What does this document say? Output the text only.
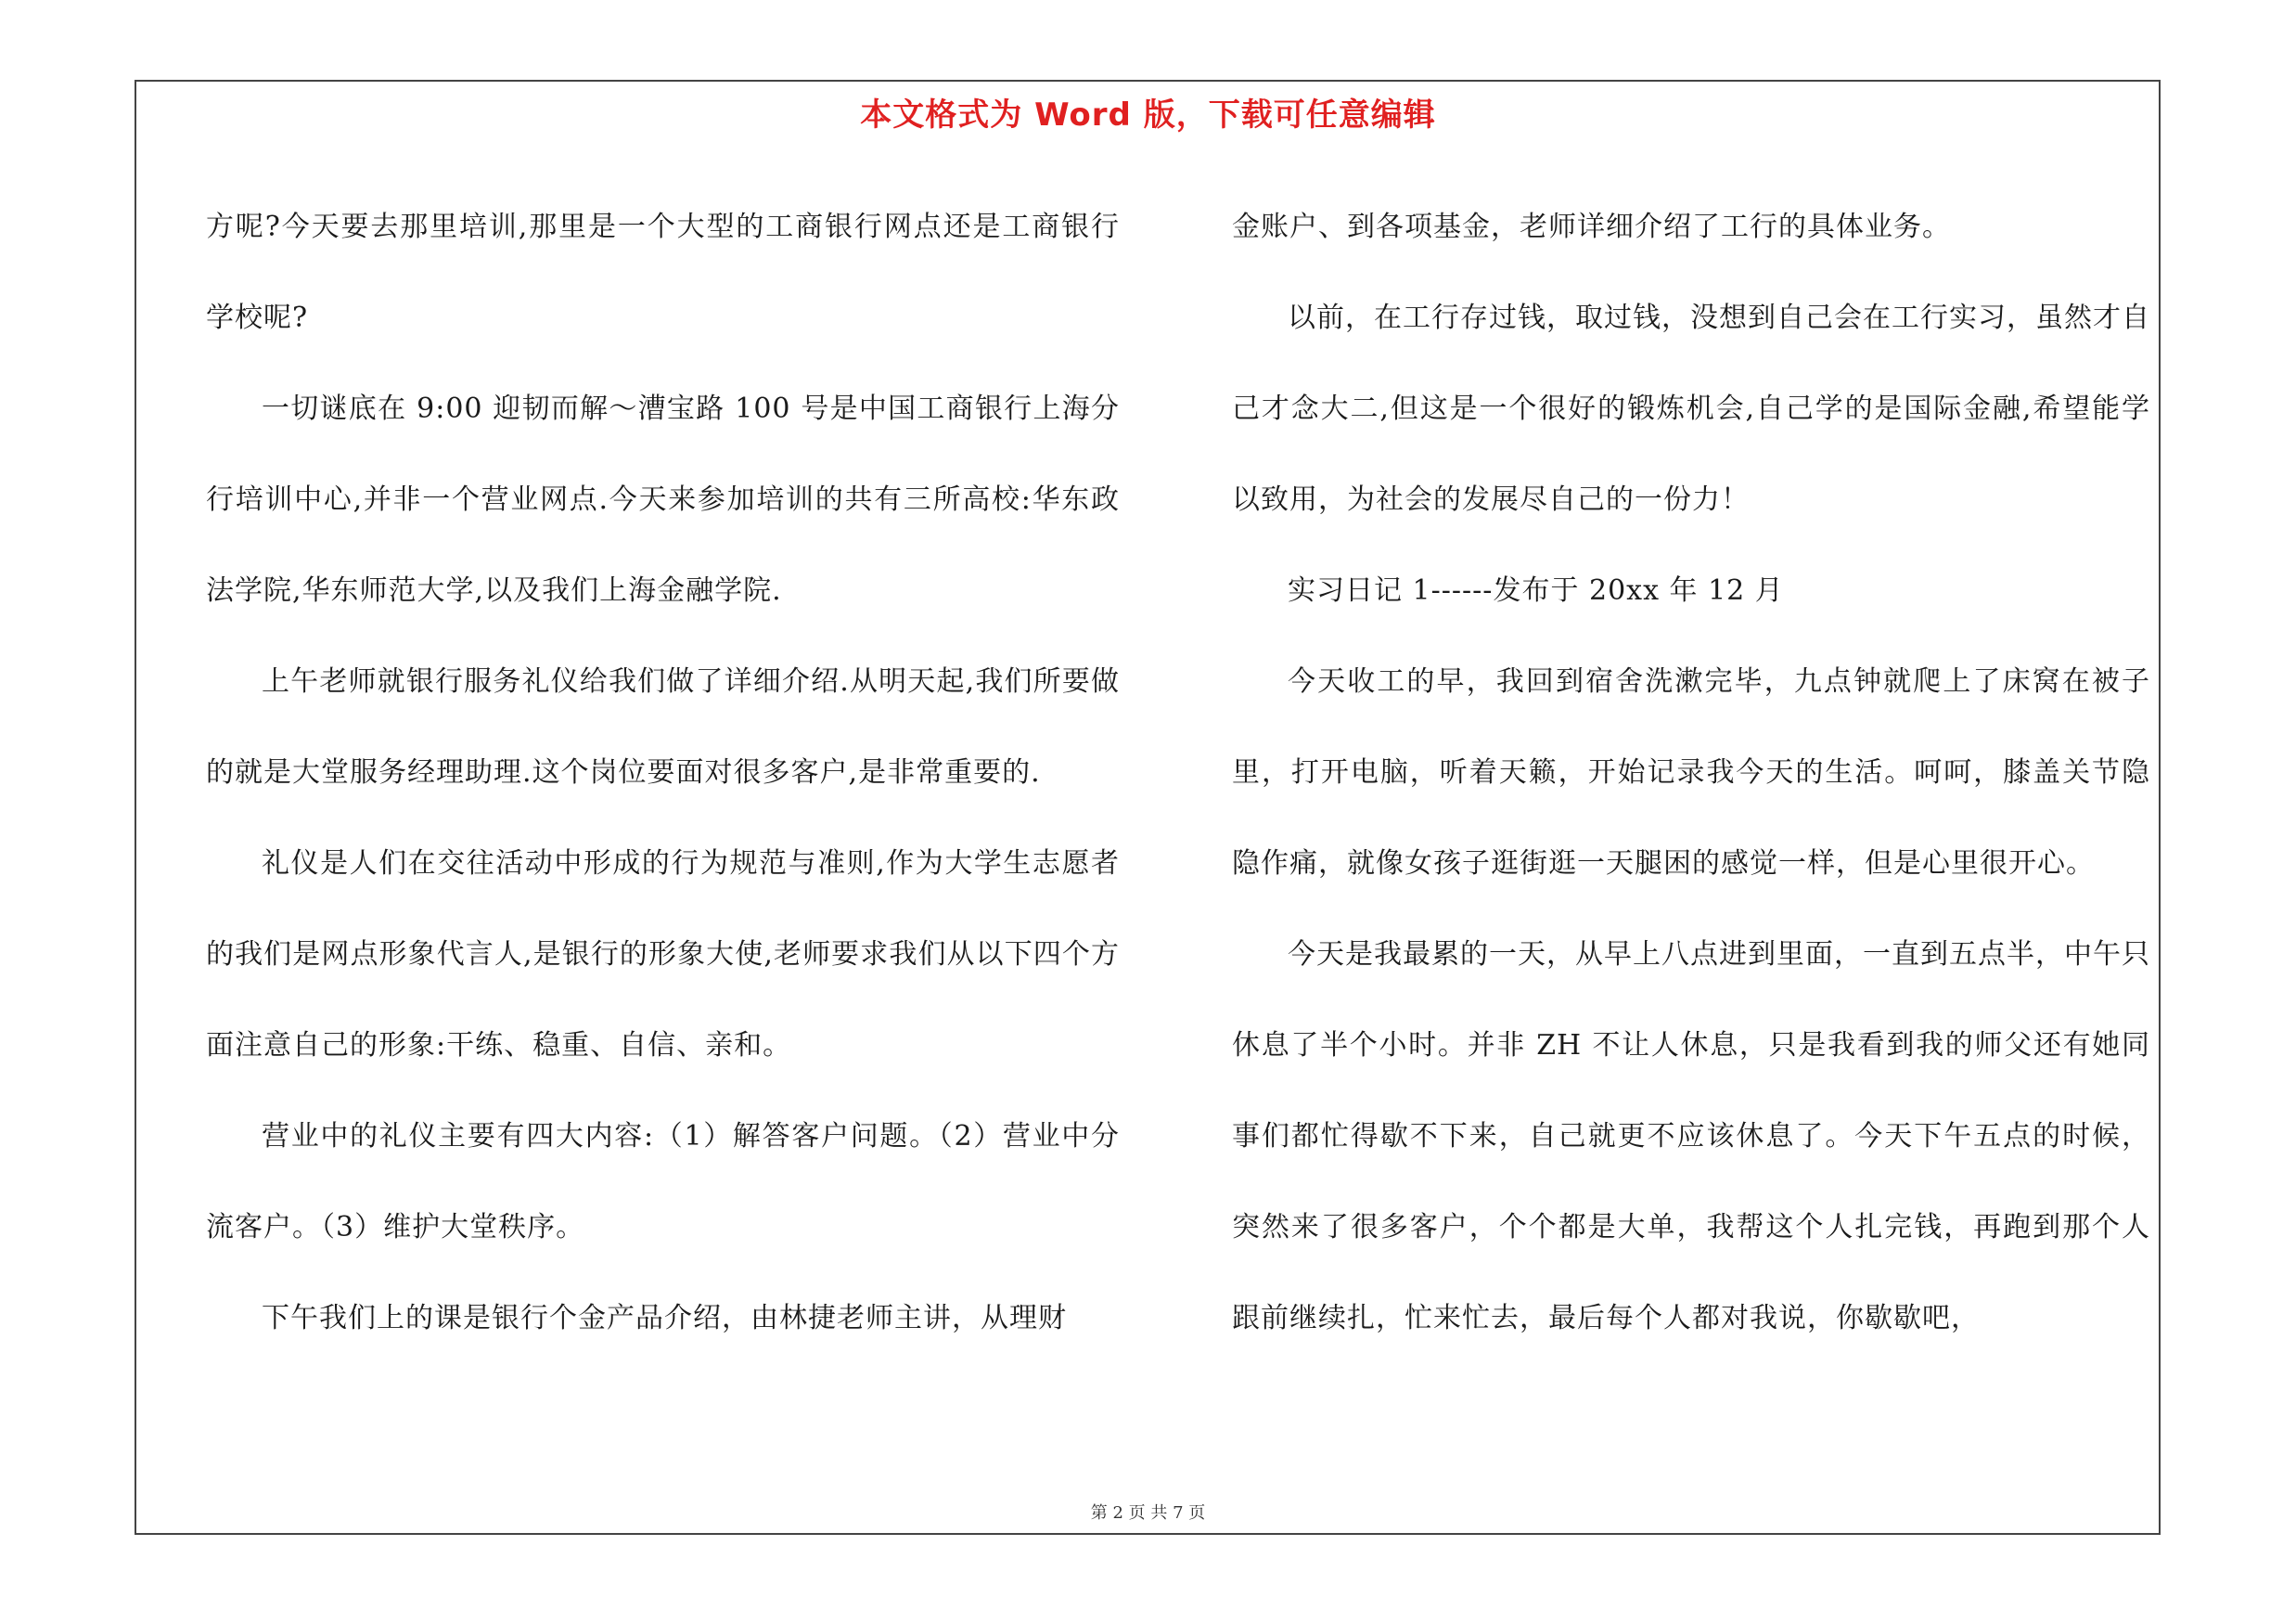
本文格式为 Word 版，下载可任意编辑

方呢?今天要去那里培训,那里是一个大型的工商银行网点还是工商银行学校呢?

一切谜底在 9:00 迎韧而解～漕宝路 100 号是中国工商银行上海分行培训中心,并非一个营业网点.今天来参加培训的共有三所高校:华东政法学院,华东师范大学,以及我们上海金融学院.

上午老师就银行服务礼仪给我们做了详细介绍.从明天起,我们所要做的就是大堂服务经理助理.这个岗位要面对很多客户,是非常重要的.

礼仪是人们在交往活动中形成的行为规范与准则,作为大学生志愿者的我们是网点形象代言人,是银行的形象大使,老师要求我们从以下四个方面注意自己的形象:干练、稳重、自信、亲和。

营业中的礼仪主要有四大内容:（1）解答客户问题。（2）营业中分流客户。（3）维护大堂秩序。

下午我们上的课是银行个金产品介绍，由林捷老师主讲，从理财

金账户、到各项基金，老师详细介绍了工行的具体业务。

以前，在工行存过钱，取过钱，没想到自己会在工行实习，虽然才自己才念大二,但这是一个很好的锻炼机会,自己学的是国际金融,希望能学以致用，为社会的发展尽自己的一份力！

实习日记 1------发布于 20xx 年 12 月

今天收工的早，我回到宿舍洗漱完毕，九点钟就爬上了床窝在被子里，打开电脑，听着天籁，开始记录我今天的生活。呵呵，膝盖关节隐隐作痛，就像女孩子逛街逛一天腿困的感觉一样，但是心里很开心。

今天是我最累的一天，从早上八点进到里面，一直到五点半，中午只休息了半个小时。并非 ZH 不让人休息，只是我看到我的师父还有她同事们都忙得歇不下来，自己就更不应该休息了。今天下午五点的时候，突然来了很多客户，个个都是大单，我帮这个人扎完钱，再跑到那个人跟前继续扎，忙来忙去，最后每个人都对我说，你歇歇吧，

第 2 页 共 7 页
